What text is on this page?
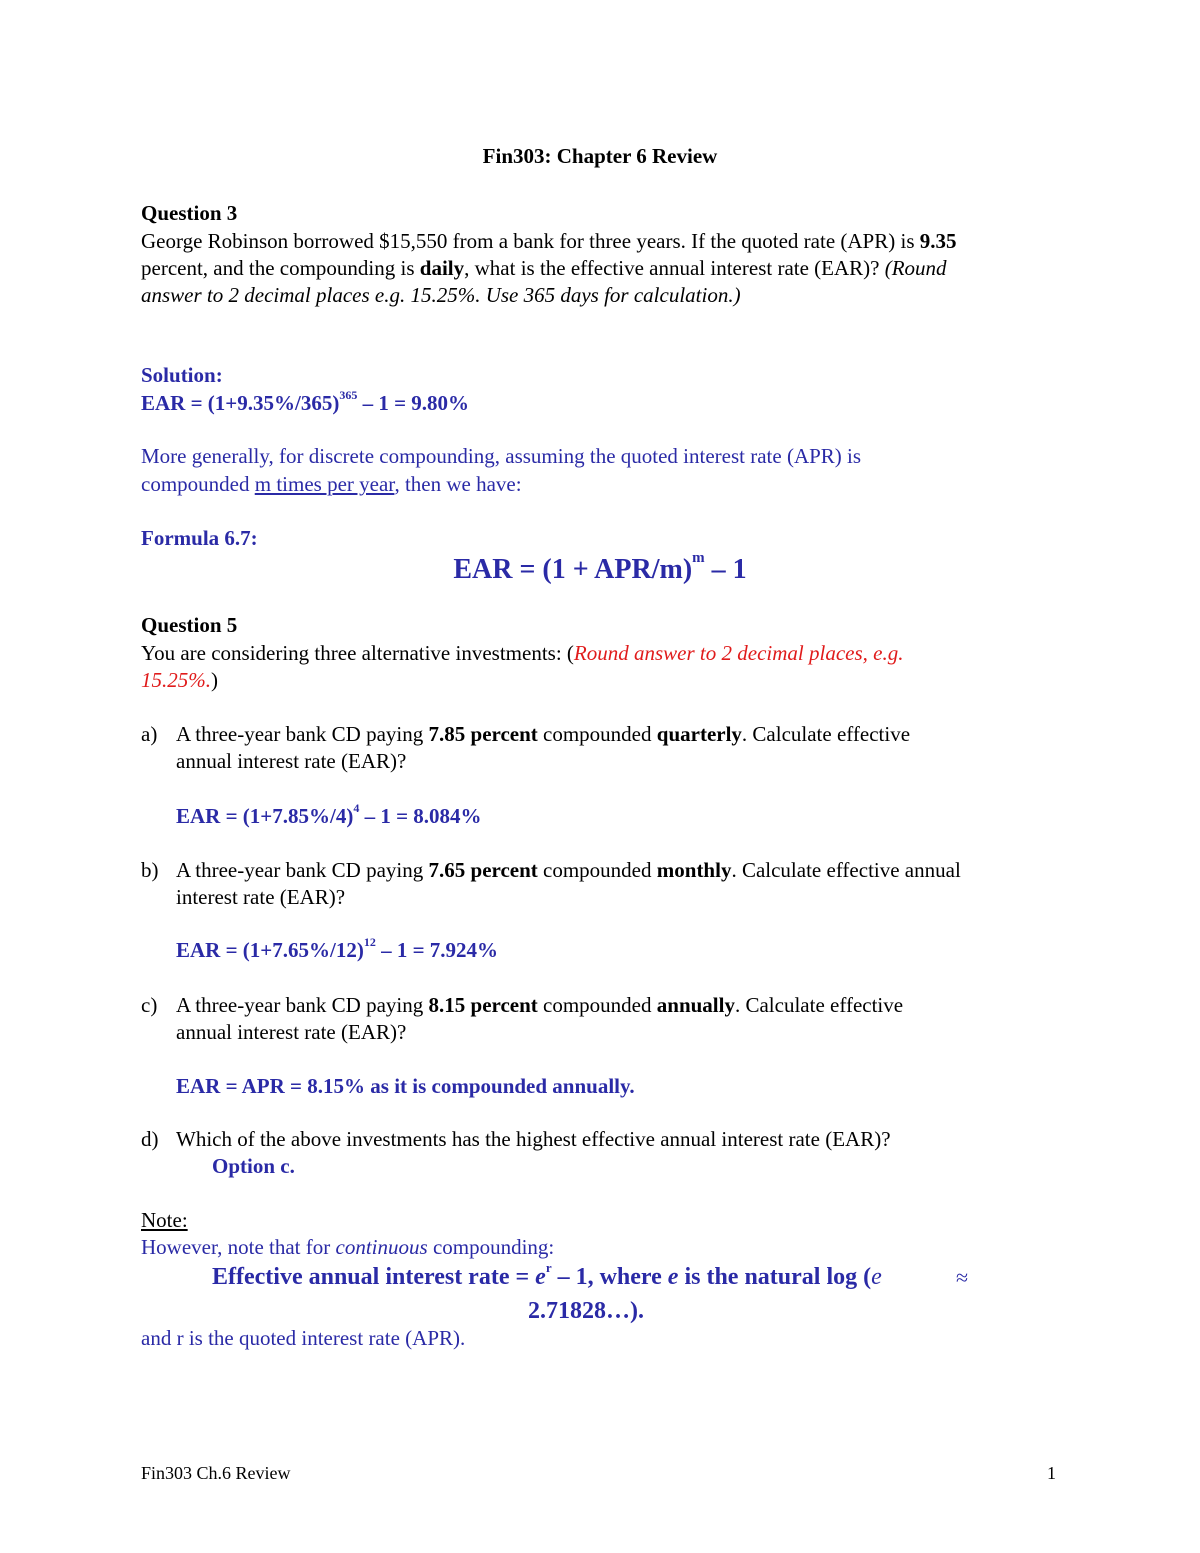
Fin303: Chapter 6 Review
Question 3
George Robinson borrowed $15,550 from a bank for three years. If the quoted rate (APR) is 9.35
percent, and the compounding is daily, what is the effective annual interest rate (EAR)? (Round
answer to 2 decimal places e.g. 15.25%. Use 365 days for calculation.)
Solution:
EAR = $(1+9.35\%/365)^{365} - 1 = 9.80\%$
More generally, for discrete compounding, assuming the quoted interest rate (APR) is
compounded m times per year, then we have:
Formula 6.7:
EAR = (1 + APR/$m)^m - 1$
Question 5
You are considering three alternative investments: (Round answer to 2 decimal places, e.g.
15.25%.)
a) A three-year bank CD paying 7.85 percent compounded quarterly. Calculate effective
annual interest rate (EAR)?
EAR = $(1+7.85\%/4)^4 - 1 = 8.084\%$
b) A three-year bank CD paying 7.65 percent compounded monthly. Calculate effective annual
interest rate (EAR)?
EAR = $(1+7.65\%/12)^{12} - 1 = 7.924\%$
c) A three-year bank CD paying 8.15 percent compounded annually. Calculate effective
annual interest rate (EAR)?
EAR = APR = 8.15% as it is compounded annually.
d) Which of the above investments has the highest effective annual interest rate (EAR)?
Option c.
Note:
However, note that for continuous compounding:
Effective annual interest rate = $e^r - 1$, where e is the natural log (e	≈
2.71828…).
and r is the quoted interest rate (APR).
Fin303 Ch.6 Review	1
